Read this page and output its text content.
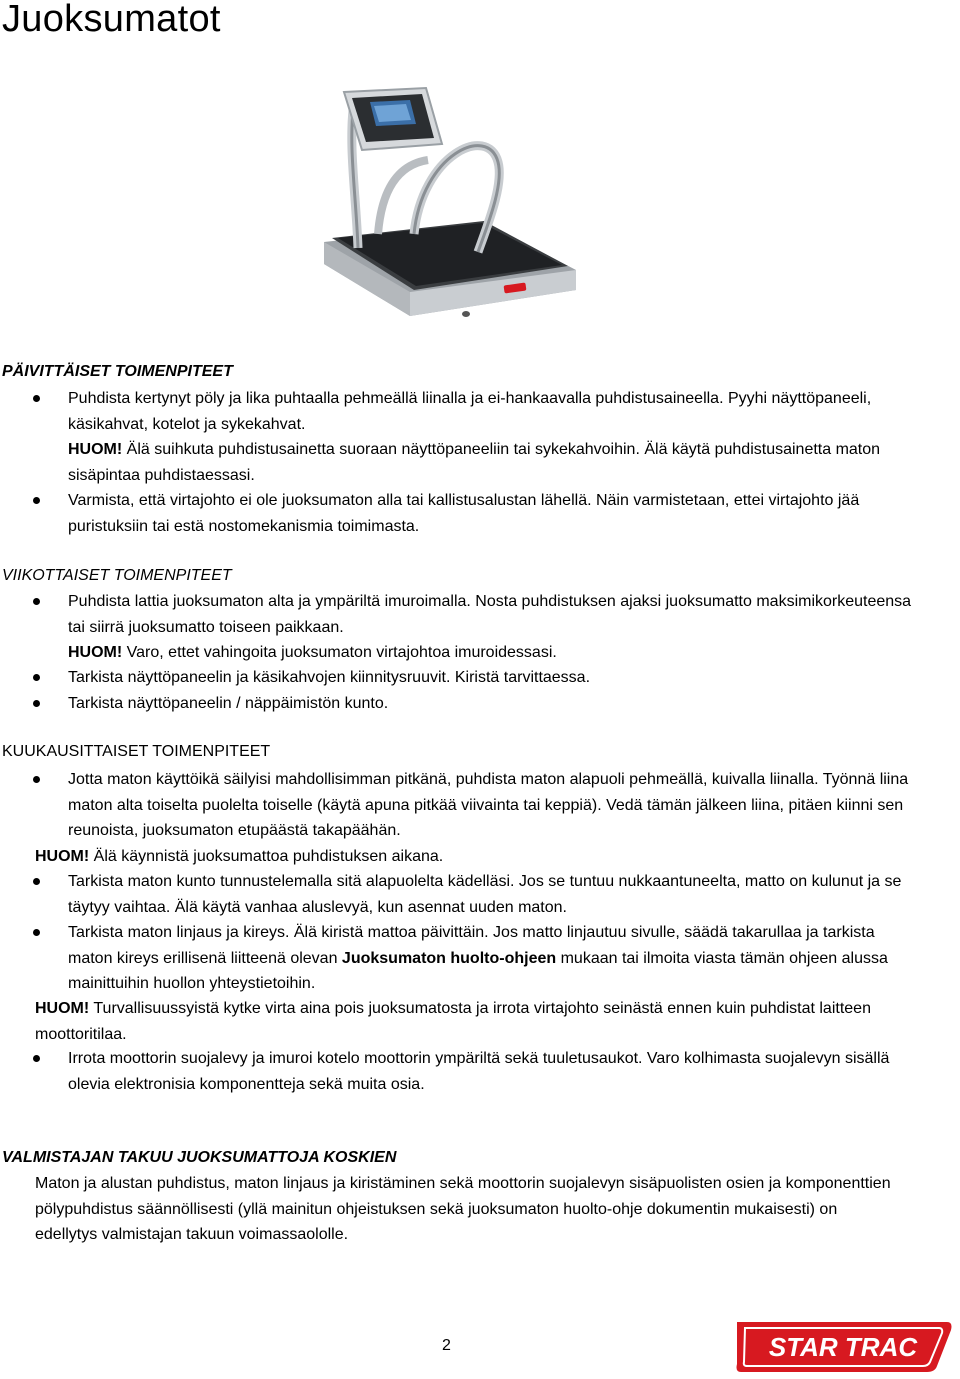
Juoksumatot
PÄIVITTÄISET TOIMENPITEET
Puhdista kertynyt pöly ja lika puhtaalla pehmeällä liinalla ja ei-hankaavalla puhdistusaineella. Pyyhi näyttöpaneeli, käsikahvat, kotelot ja sykekahvat.
HUOM! Älä suihkuta puhdistusainetta suoraan näyttöpaneeliin tai sykekahvoihin. Älä käytä puhdistusainetta maton sisäpintaa puhdistaessasi.
Varmista, että virtajohto ei ole juoksumaton alla tai kallistusalustan lähellä. Näin varmistetaan, ettei virtajohto jää puristuksiin tai estä nostomekanismia toimimasta.
VIIKOTTAISET TOIMENPITEET
Puhdista lattia juoksumaton alta ja ympäriltä imuroimalla. Nosta puhdistuksen ajaksi juoksumatto maksimikorkeuteensa tai siirrä juoksumatto toiseen paikkaan.
HUOM! Varo, ettet vahingoita juoksumaton virtajohtoa imuroidessasi.
Tarkista näyttöpaneelin ja käsikahvojen kiinnitysruuvit. Kiristä tarvittaessa.
Tarkista näyttöpaneelin / näppäimistön kunto.
KUUKAUSITTAISET TOIMENPITEET
Jotta maton käyttöikä säilyisi mahdollisimman pitkänä, puhdista maton alapuoli pehmeällä, kuivalla liinalla. Työnnä liina maton alta toiselta puolelta toiselle (käytä apuna pitkää viivainta tai keppiä). Vedä tämän jälkeen liina, pitäen kiinni sen reunoista, juoksumaton etupäästä takapäähän.
HUOM! Älä käynnistä juoksumattoa puhdistuksen aikana.
Tarkista maton kunto tunnustelemalla sitä alapuolelta kädelläsi. Jos se tuntuu nukkaantuneelta, matto on kulunut ja se täytyy vaihtaa. Älä käytä vanhaa aluslevyä, kun asennat uuden maton.
Tarkista maton linjaus ja kireys. Älä kiristä mattoa päivittäin. Jos matto linjautuu sivulle, säädä takarullaa ja tarkista maton kireys erillisenä liitteenä olevan Juoksumaton huolto-ohjeen mukaan tai ilmoita viasta tämän ohjeen alussa mainittuihin huollon yhteystietoihin.
HUOM! Turvallisuussyistä kytke virta aina pois juoksumatosta ja irrota virtajohto seinästä ennen kuin puhdistat laitteen moottoritilaa.
Irrota moottorin suojalevy ja imuroi kotelo moottorin ympäriltä sekä tuuletusaukot. Varo kolhimasta suojalevyn sisällä olevia elektronisia komponentteja sekä muita osia.
VALMISTAJAN TAKUU JUOKSUMATTOJA KOSKIEN

Maton ja alustan puhdistus, maton linjaus ja kiristäminen sekä moottorin suojalevyn sisäpuolisten osien ja komponenttien pölypuhdistus säännöllisesti (yllä mainitun ohjeistuksen sekä juoksumaton huolto-ohje dokumentin mukaisesti) on edellytys valmistajan takuun voimassaololle.

2	STAR TRAC
